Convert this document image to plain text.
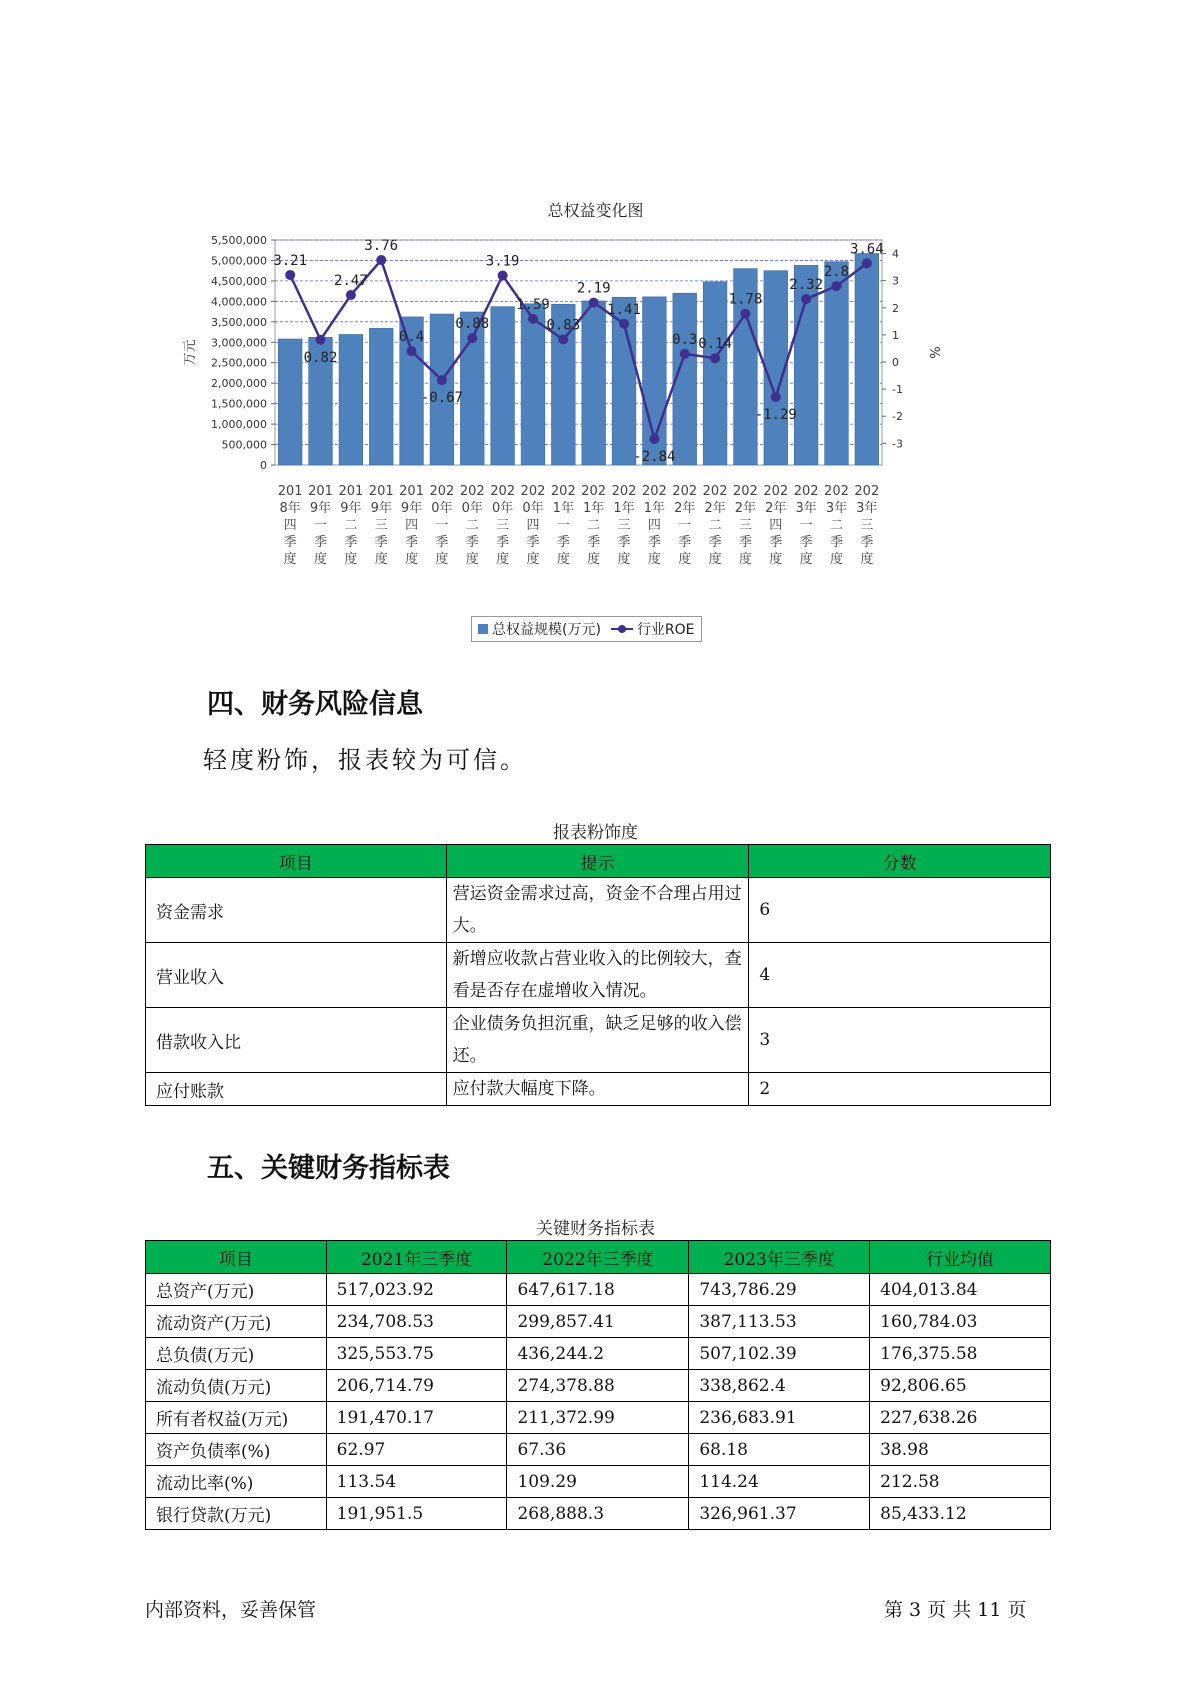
总权益变化图
0
500,000
1,000,000
1,500,000
2,000,000
2,500,000
3,000,000
3,500,000
4,000,000
4,500,000
5,000,000
5,500,000
-3
-2
-1
0
1
2
3
4
万元	%
201 8年四季度
201 9年一季度
201 9年二季度
201 9年三季度
201 9年四季度
202 0年一季度
202 0年二季度
202 0年三季度
202 0年四季度
202 1年一季度
202 1年二季度
202 1年三季度
202 1年四季度
202 2年一季度
202 2年二季度
202 2年三季度
202 2年四季度
202 3年一季度
202 3年二季度
202 3年三季度
3.21
0.82
2.47
3.76
0.4
-0.67
0.88
3.19
1.59
0.83
2.19
1.41
-2.84
0.3 0.14
1.78
-1.29
2.32
2.8
3.64
总权益规模(万元)	行业ROE
四、财务风险信息

轻度粉饰，报表较为可信。

报表粉饰度
项目	提示	分数
资金需求	营运资金需求过高，资金不合理占用过大。	6
营业收入	新增应收款占营业收入的比例较大，查看是否存在虚增收入情况。	4
借款收入比	企业债务负担沉重，缺乏足够的收入偿还。	3
应付账款	应付款大幅度下降。	2
五、关键财务指标表
关键财务指标表
项目	2021年三季度	2022年三季度	2023年三季度	行业均值
总资产(万元)	517,023.92	647,617.18	743,786.29	404,013.84
流动资产(万元)	234,708.53	299,857.41	387,113.53	160,784.03
总负债(万元)	325,553.75	436,244.2	507,102.39	176,375.58
流动负债(万元)	206,714.79	274,378.88	338,862.4	92,806.65
所有者权益(万元)	191,470.17	211,372.99	236,683.91	227,638.26
资产负债率(%)	62.97	67.36	68.18	38.98
流动比率(%)	113.54	109.29	114.24	212.58
银行贷款(万元)	191,951.5	268,888.3	326,961.37	85,433.12
内部资料，妥善保管	第 3 页 共 11 页
